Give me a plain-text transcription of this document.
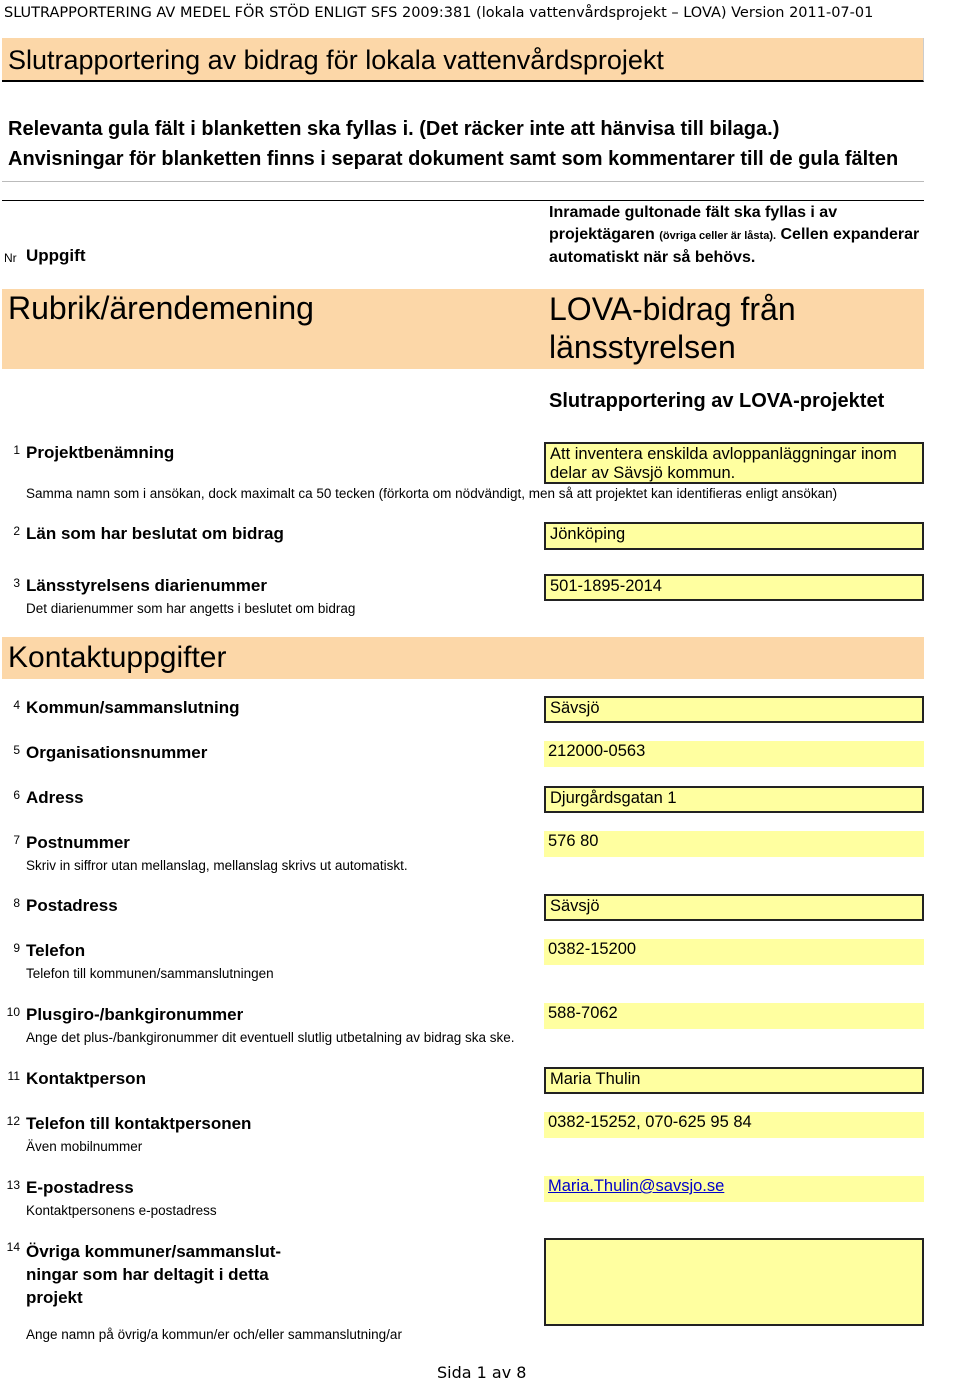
SLUTRAPPORTERING AV MEDEL FÖR STÖD ENLIGT SFS 2009:381 (lokala vattenvårdsprojekt – LOVA) Version 2011-07-01
Slutrapportering av bidrag för lokala vattenvårdsprojekt
Relevanta gula fält i blanketten ska fyllas i. (Det räcker inte att hänvisa till bilaga.)
Anvisningar för blanketten finns i separat dokument samt som kommentarer till de gula fälten
Nr Uppgift
Inramade gultonade fält ska fyllas i av projektägaren (övriga celler är låsta). Cellen expanderar automatiskt när så behövs.
Rubrik/ärendemening	LOVA-bidrag från länsstyrelsen
Slutrapportering av LOVA-projektet
1 Projektbenämning	Att inventera enskilda avloppanläggningar inom delar av Sävsjö kommun.
Samma namn som i ansökan, dock maximalt ca 50 tecken (förkorta om nödvändigt, men så att projektet kan identifieras enligt ansökan)
2 Län som har beslutat om bidrag	Jönköping
3 Länsstyrelsens diarienummer	501-1895-2014
Det diarienummer som har angetts i beslutet om bidrag
Kontaktuppgifter
4 Kommun/sammanslutning	Sävsjö
5 Organisationsnummer	212000-0563
6 Adress	Djurgårdsgatan 1
7 Postnummer	576 80
Skriv in siffror utan mellanslag, mellanslag skrivs ut automatiskt.
8 Postadress	Sävsjö
9 Telefon	0382-15200
Telefon till kommunen/sammanslutningen
10 Plusgiro-/bankgironummer	588-7062
Ange det plus-/bankgironummer dit eventuell slutlig utbetalning av bidrag ska ske.
11 Kontaktperson	Maria Thulin
12 Telefon till kontaktpersonen	0382-15252, 070-625 95 84
Även mobilnummer
13 E-postadress	Maria.Thulin@savsjo.se
Kontaktpersonens e-postadress
14 Övriga kommuner/sammanslut-ningar som har deltagit i detta projekt
Ange namn på övrig/a kommun/er och/eller sammanslutning/ar
Sida 1 av 8
